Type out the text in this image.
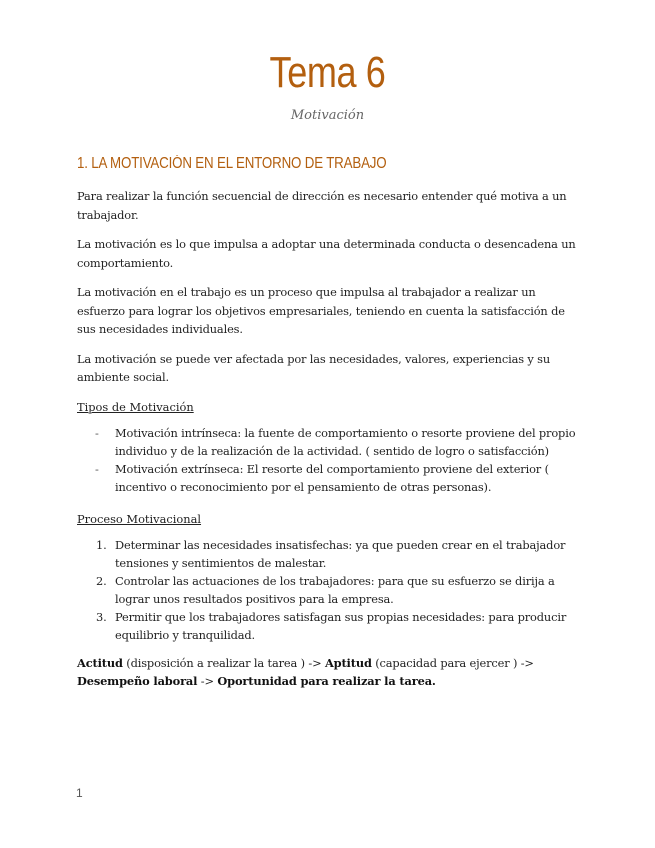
Tema 6
Motivación
1. LA MOTIVACIÓN EN EL ENTORNO DE TRABAJO

Para realizar la función secuencial de dirección es necesario entender qué motiva a un trabajador.

La motivación es lo que impulsa a adoptar una determinada conducta o desencadena un comportamiento.

La motivación en el trabajo es un proceso que impulsa al trabajador a realizar un esfuerzo para lograr los objetivos empresariales, teniendo en cuenta la satisfacción de sus necesidades individuales.

La motivación se puede ver afectada por las necesidades, valores, experiencias y su ambiente social.

Tipos de Motivación
- Motivación intrínseca: la fuente de comportamiento o resorte proviene del propio individuo y de la realización de la actividad. ( sentido de logro o satisfacción)
- Motivación extrínseca: El resorte del comportamiento proviene del exterior ( incentivo o reconocimiento por el pensamiento de otras personas).
Proceso Motivacional
1. Determinar las necesidades insatisfechas: ya que pueden crear en el trabajador tensiones y sentimientos de malestar.
2. Controlar las actuaciones de los trabajadores: para que su esfuerzo se dirija a lograr unos resultados positivos para la empresa.
3. Permitir que los trabajadores satisfagan sus propias necesidades: para producir equilibrio y tranquilidad.
Actitud (disposición a realizar la tarea ) -> Aptitud (capacidad para ejercer ) ->
Desempeño laboral -> Oportunidad para realizar la tarea.
1
